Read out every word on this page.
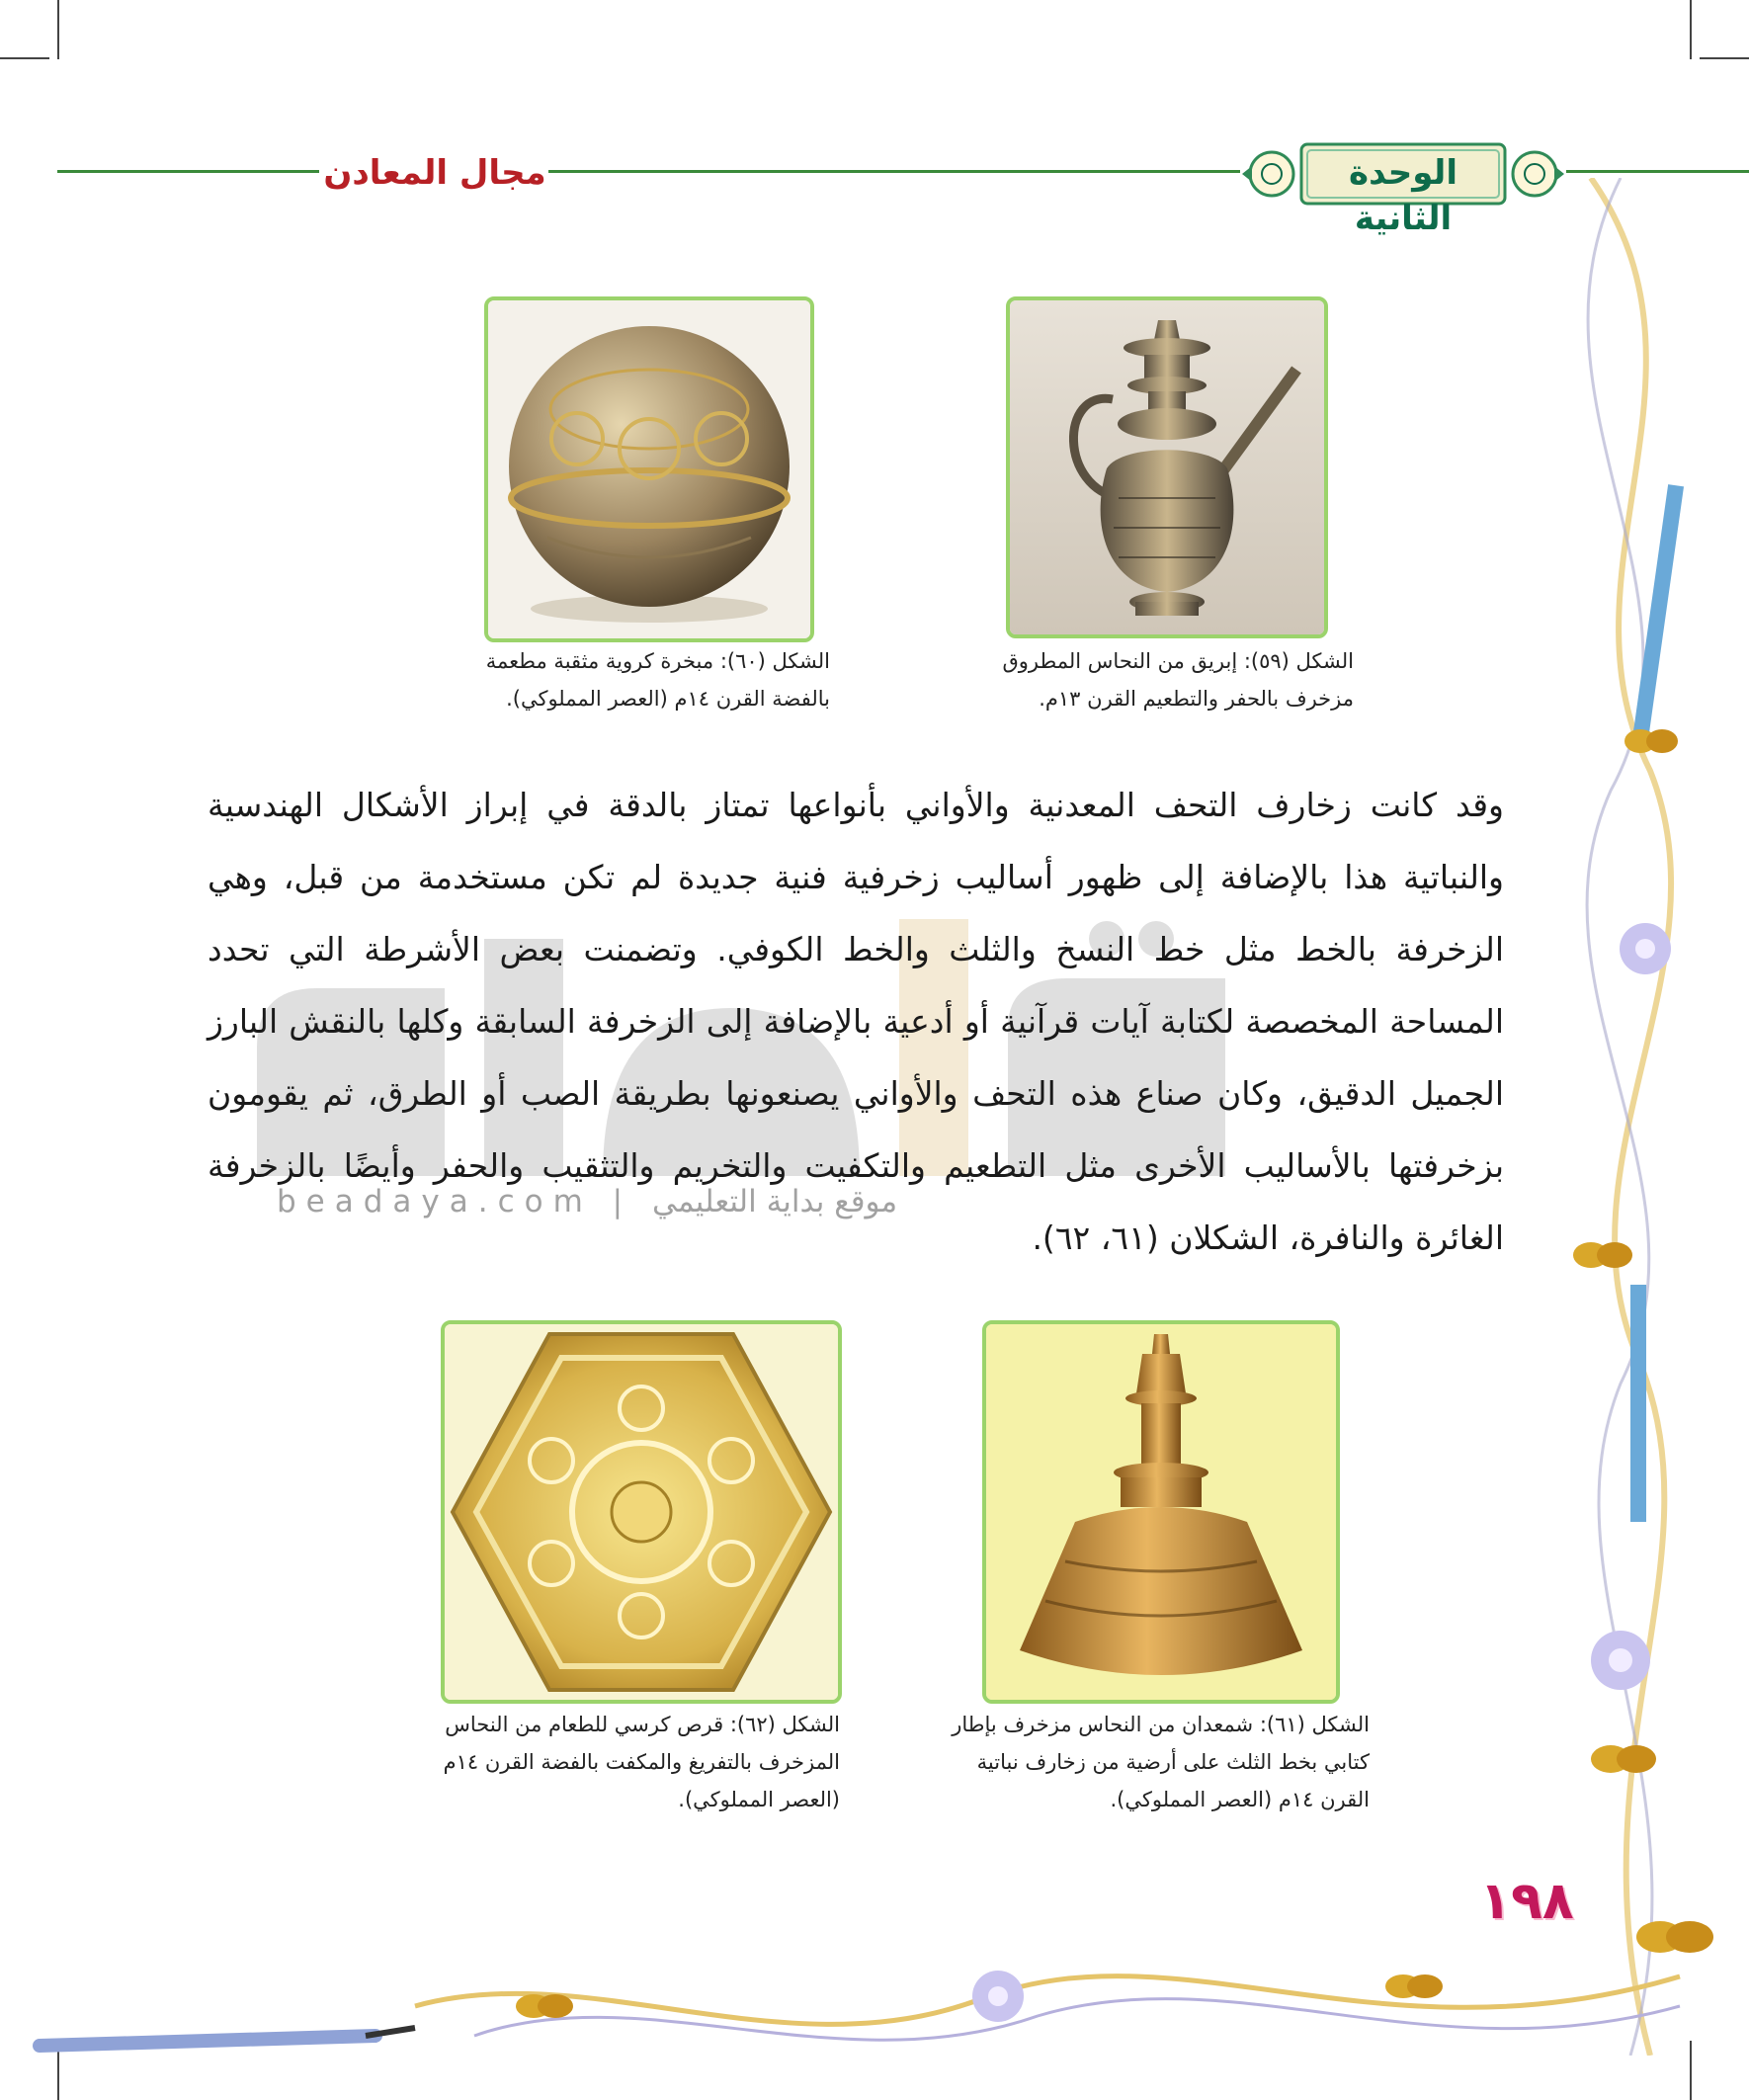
مجال المعادن	الوحدة الثانية
الشكل (٥٩): إبريق من النحاس المطروق
مزخرف بالحفر والتطعيم القرن ١٣م.
الشكل (٦٠): مبخرة كروية مثقبة مطعمة
بالفضة القرن ١٤م (العصر المملوكي).
beadaya.com | موقع بداية التعليمي
وقد كانت زخارف التحف المعدنية والأواني بأنواعها تمتاز بالدقة في إبراز الأشكال الهندسية والنباتية هذا بالإضافة إلى ظهور أساليب زخرفية فنية جديدة لم تكن مستخدمة من قبل، وهي الزخرفة بالخط مثل خط النسخ والثلث والخط الكوفي. وتضمنت بعض الأشرطة التي تحدد المساحة المخصصة لكتابة آيات قرآنية أو أدعية بالإضافة إلى الزخرفة السابقة وكلها بالنقش البارز الجميل الدقيق، وكان صناع هذه التحف والأواني يصنعونها بطريقة الصب أو الطرق، ثم يقومون بزخرفتها بالأساليب الأخرى مثل التطعيم والتكفيت والتخريم والتثقيب والحفر وأيضًا بالزخرفة الغائرة والنافرة، الشكلان (٦١، ٦٢).
الشكل (٦٢): قرص كرسي للطعام من النحاس
المزخرف بالتفريغ والمكفت بالفضة القرن ١٤م
(العصر المملوكي).
الشكل (٦١): شمعدان من النحاس مزخرف بإطار
كتابي بخط الثلث على أرضية من زخارف نباتية
القرن ١٤م (العصر المملوكي).
١٩٨
